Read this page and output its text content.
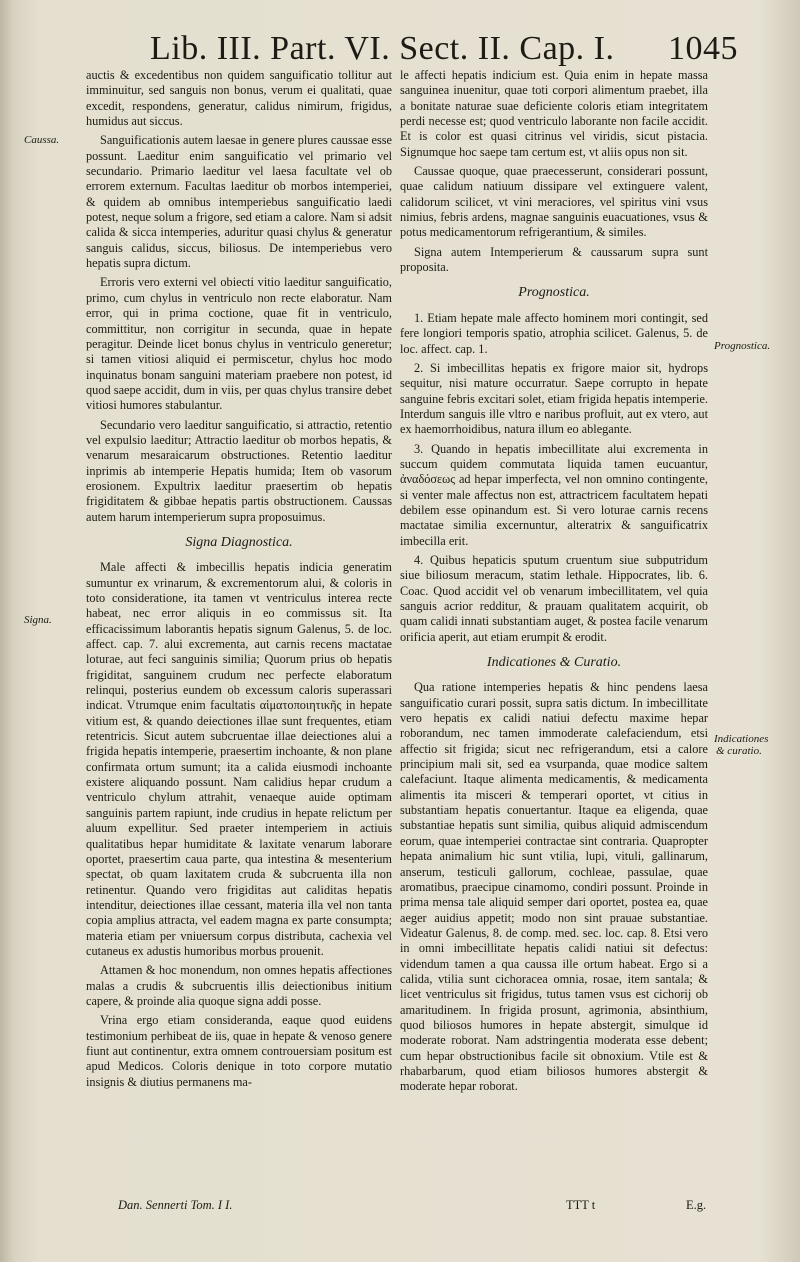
Lib. III. Part. VI. Sect. II. Cap. I. 1045
Caussa.
Signa.
Prognostica.
Indicationes
& curatio.

auctis & excedentibus non quidem sanguificatio tollitur aut imminuitur, sed sanguis non bonus, verum ei qualitati, quae excedit, respondens, generatur, calidus nimirum, frigidus, humidus aut siccus.

Sanguificationis autem laesae in genere plures caussae esse possunt. Laeditur enim sanguificatio vel primario vel secundario. Primario laeditur vel laesa facultate vel ob errorem externum. Facultas laeditur ob morbos intemperiei, & quidem ab omnibus intemperiebus sanguificatio laedi potest, neque solum a frigore, sed etiam a calore. Nam si adsit calida & sicca intemperies, aduritur quasi chylus & generatur sanguis calidus, siccus, biliosus. De intemperiebus vero hepatis supra dictum.

Erroris vero externi vel obiecti vitio laeditur sanguificatio, primo, cum chylus in ventriculo non recte elaboratur. Nam error, qui in prima coctione, quae fit in ventriculo, committitur, non corrigitur in secunda, quae in hepate peragitur. Deinde licet bonus chylus in ventriculo generetur; si tamen vitiosi aliquid ei permiscetur, chylus hoc modo inquinatus bonam sanguini materiam praebere non potest, id quod saepe accidit, dum in viis, per quas chylus transire debet vitiosi humores stabulantur.

Secundario vero laeditur sanguificatio, si attractio, retentio vel expulsio laeditur; Attractio laeditur ob morbos hepatis, & venarum mesaraicarum obstructiones. Retentio laeditur inprimis ab intemperie Hepatis humida; Item ob vasorum erosionem. Expultrix laeditur praesertim ob hepatis frigiditatem & gibbae hepatis partis obstructionem. Caussas autem harum intemperierum supra proposuimus.

Signa Diagnostica.

Male affecti & imbecillis hepatis indicia generatim sumuntur ex vrinarum, & excrementorum alui, & coloris in toto consideratione, ita tamen vt ventriculus interea recte habeat, nec error aliquis in eo commissus sit. Ita efficacissimum laborantis hepatis signum Galenus, 5. de loc. affect. cap. 7. alui excrementa, aut carnis recens mactatae loturae, aut feci sanguinis similia; Quorum prius ob hepatis frigiditat, sanguinem crudum nec perfecte elaboratum relinqui, posterius eundem ob excessum caloris superassari indicat. Vtrumque enim facultatis αἱματοποιητικῆς in hepate vitium est, & quando deiectiones illae sunt frequentes, etiam retentricis. Sicut autem subcruentae illae deiectiones alui a frigida hepatis intemperie, praesertim inchoante, & non plane confirmata ortum sumunt; ita a calida eiusmodi inchoante existere aliquando possunt. Nam calidius hepar crudum a ventriculo chylum attrahit, venaeque auide optimam sanguinis partem rapiunt, inde crudius in hepate relictum per aluum expellitur. Sed praeter intemperiem in actiuis qualitatibus hepar humiditate & laxitate venarum laborare oportet, praesertim caua parte, qua intestina & mesenterium spectat, ob quam laxitatem cruda & subcruenta illa non retinentur. Quando vero frigiditas aut caliditas hepatis intenditur, deiectiones illae cessant, materia illa vel non tanta copia amplius attracta, vel eadem magna ex parte consumpta; materia etiam per vniuersum corpus distributa, cachexia vel cutaneus ex adustis humoribus morbus prouenit.

Attamen & hoc monendum, non omnes hepatis affectiones malas a crudis & subcruentis illis deiectionibus initium capere, & proinde alia quoque signa addi posse.

Vrina ergo etiam consideranda, eaque quod euidens testimonium perhibeat de iis, quae in hepate & venoso genere fiunt aut continentur, extra omnem controuersiam positum est apud Medicos. Coloris denique in toto corpore mutatio insignis & diutius permanens ma-

le affecti hepatis indicium est. Quia enim in hepate massa sanguinea inuenitur, quae toti corpori alimentum praebet, illa a bonitate naturae suae deficiente coloris etiam integritatem perdi necesse est; quod ventriculo laborante non facile accidit. Et is color est quasi citrinus vel viridis, sicut pistacia. Signumque hoc saepe tam certum est, vt aliis opus non sit.

Caussae quoque, quae praecesserunt, considerari possunt, quae calidum natiuum dissipare vel extinguere valent, calidorum scilicet, vt vini meraciores, vel spiritus vini vsus nimius, febris ardens, magnae sanguinis euacuationes, vsus & potus medicamentorum refrigerantium, & similes.

Signa autem Intemperierum & caussarum supra sunt proposita.

Prognostica.

1. Etiam hepate male affecto hominem mori contingit, sed fere longiori temporis spatio, atrophia scilicet. Galenus, 5. de loc. affect. cap. 1.

2. Si imbecillitas hepatis ex frigore maior sit, hydrops sequitur, nisi mature occurratur. Saepe corrupto in hepate sanguine febris excitari solet, etiam frigida hepatis intemperie. Interdum sanguis ille vltro e naribus profluit, aut ex vtero, aut ex haemorrhoidibus, natura illum eo ablegante.

3. Quando in hepatis imbecillitate alui excrementa in succum quidem commutata liquida tamen eucuantur, ἀναδόσεως ad hepar imperfecta, vel non omnino contingente, si venter male affectus non est, attractricem facultatem hepati debilem esse opinandum est. Si vero loturae carnis recens mactatae similia excernuntur, alteratrix & sanguificatrix imbecilla erit.

4. Quibus hepaticis sputum cruentum siue subputridum siue biliosum meracum, statim lethale. Hippocrates, lib. 6. Coac. Quod accidit vel ob venarum imbecillitatem, vel quia sanguis acrior redditur, & prauam qualitatem acquirit, ob quam calidi innati substantiam auget, & postea facile venarum orificia aperit, aut etiam erumpit & erodit.

Indicationes & Curatio.

Qua ratione intemperies hepatis & hinc pendens laesa sanguificatio curari possit, supra satis dictum. In imbecillitate vero hepatis ex calidi natiui defectu maxime hepar roborandum, nec tamen immoderate calefaciendum, etsi affectio sit frigida; sicut nec refrigerandum, etsi a calore principium mali sit, sed ea vsurpanda, quae modice saltem calefaciunt. Itaque alimenta medicamentis, & medicamenta alimentis ita misceri & temperari oportet, vt citius in substantiam hepatis conuertantur. Itaque ea eligenda, quae substantiae hepatis sunt similia, quibus aliquid admiscendum eorum, quae intemperiei contractae sint contraria. Quapropter hepata animalium hic sunt vtilia, lupi, vituli, gallinarum, anserum, testiculi gallorum, cochleae, passulae, quae aromatibus, praecipue cinamomo, condiri possunt. Proinde in prima mensa tale aliquid semper dari oportet, postea ea, quae aeger auidius appetit; modo non sint prauae substantiae. Videatur Galenus, 8. de comp. med. sec. loc. cap. 8. Etsi vero in omni imbecillitate hepatis calidi natiui sit defectus: videndum tamen a qua caussa ille ortum habeat. Ergo si a calida, vtilia sunt cichoracea omnia, rosae, item santala; & licet ventriculus sit frigidus, tutus tamen vsus est cichorij ob amaritudinem. In frigida prosunt, agrimonia, absinthium, quod biliosos humores in hepate abstergit, simulque id moderate roborat. Nam adstringentia moderata esse debent; cum hepar obstructionibus facile sit obnoxium. Vtile est & rhabarbarum, quod etiam biliosos humores abstergit & moderate hepar roborat.

Dan. Sennerti Tom. I I.	TTT t	E.g.
